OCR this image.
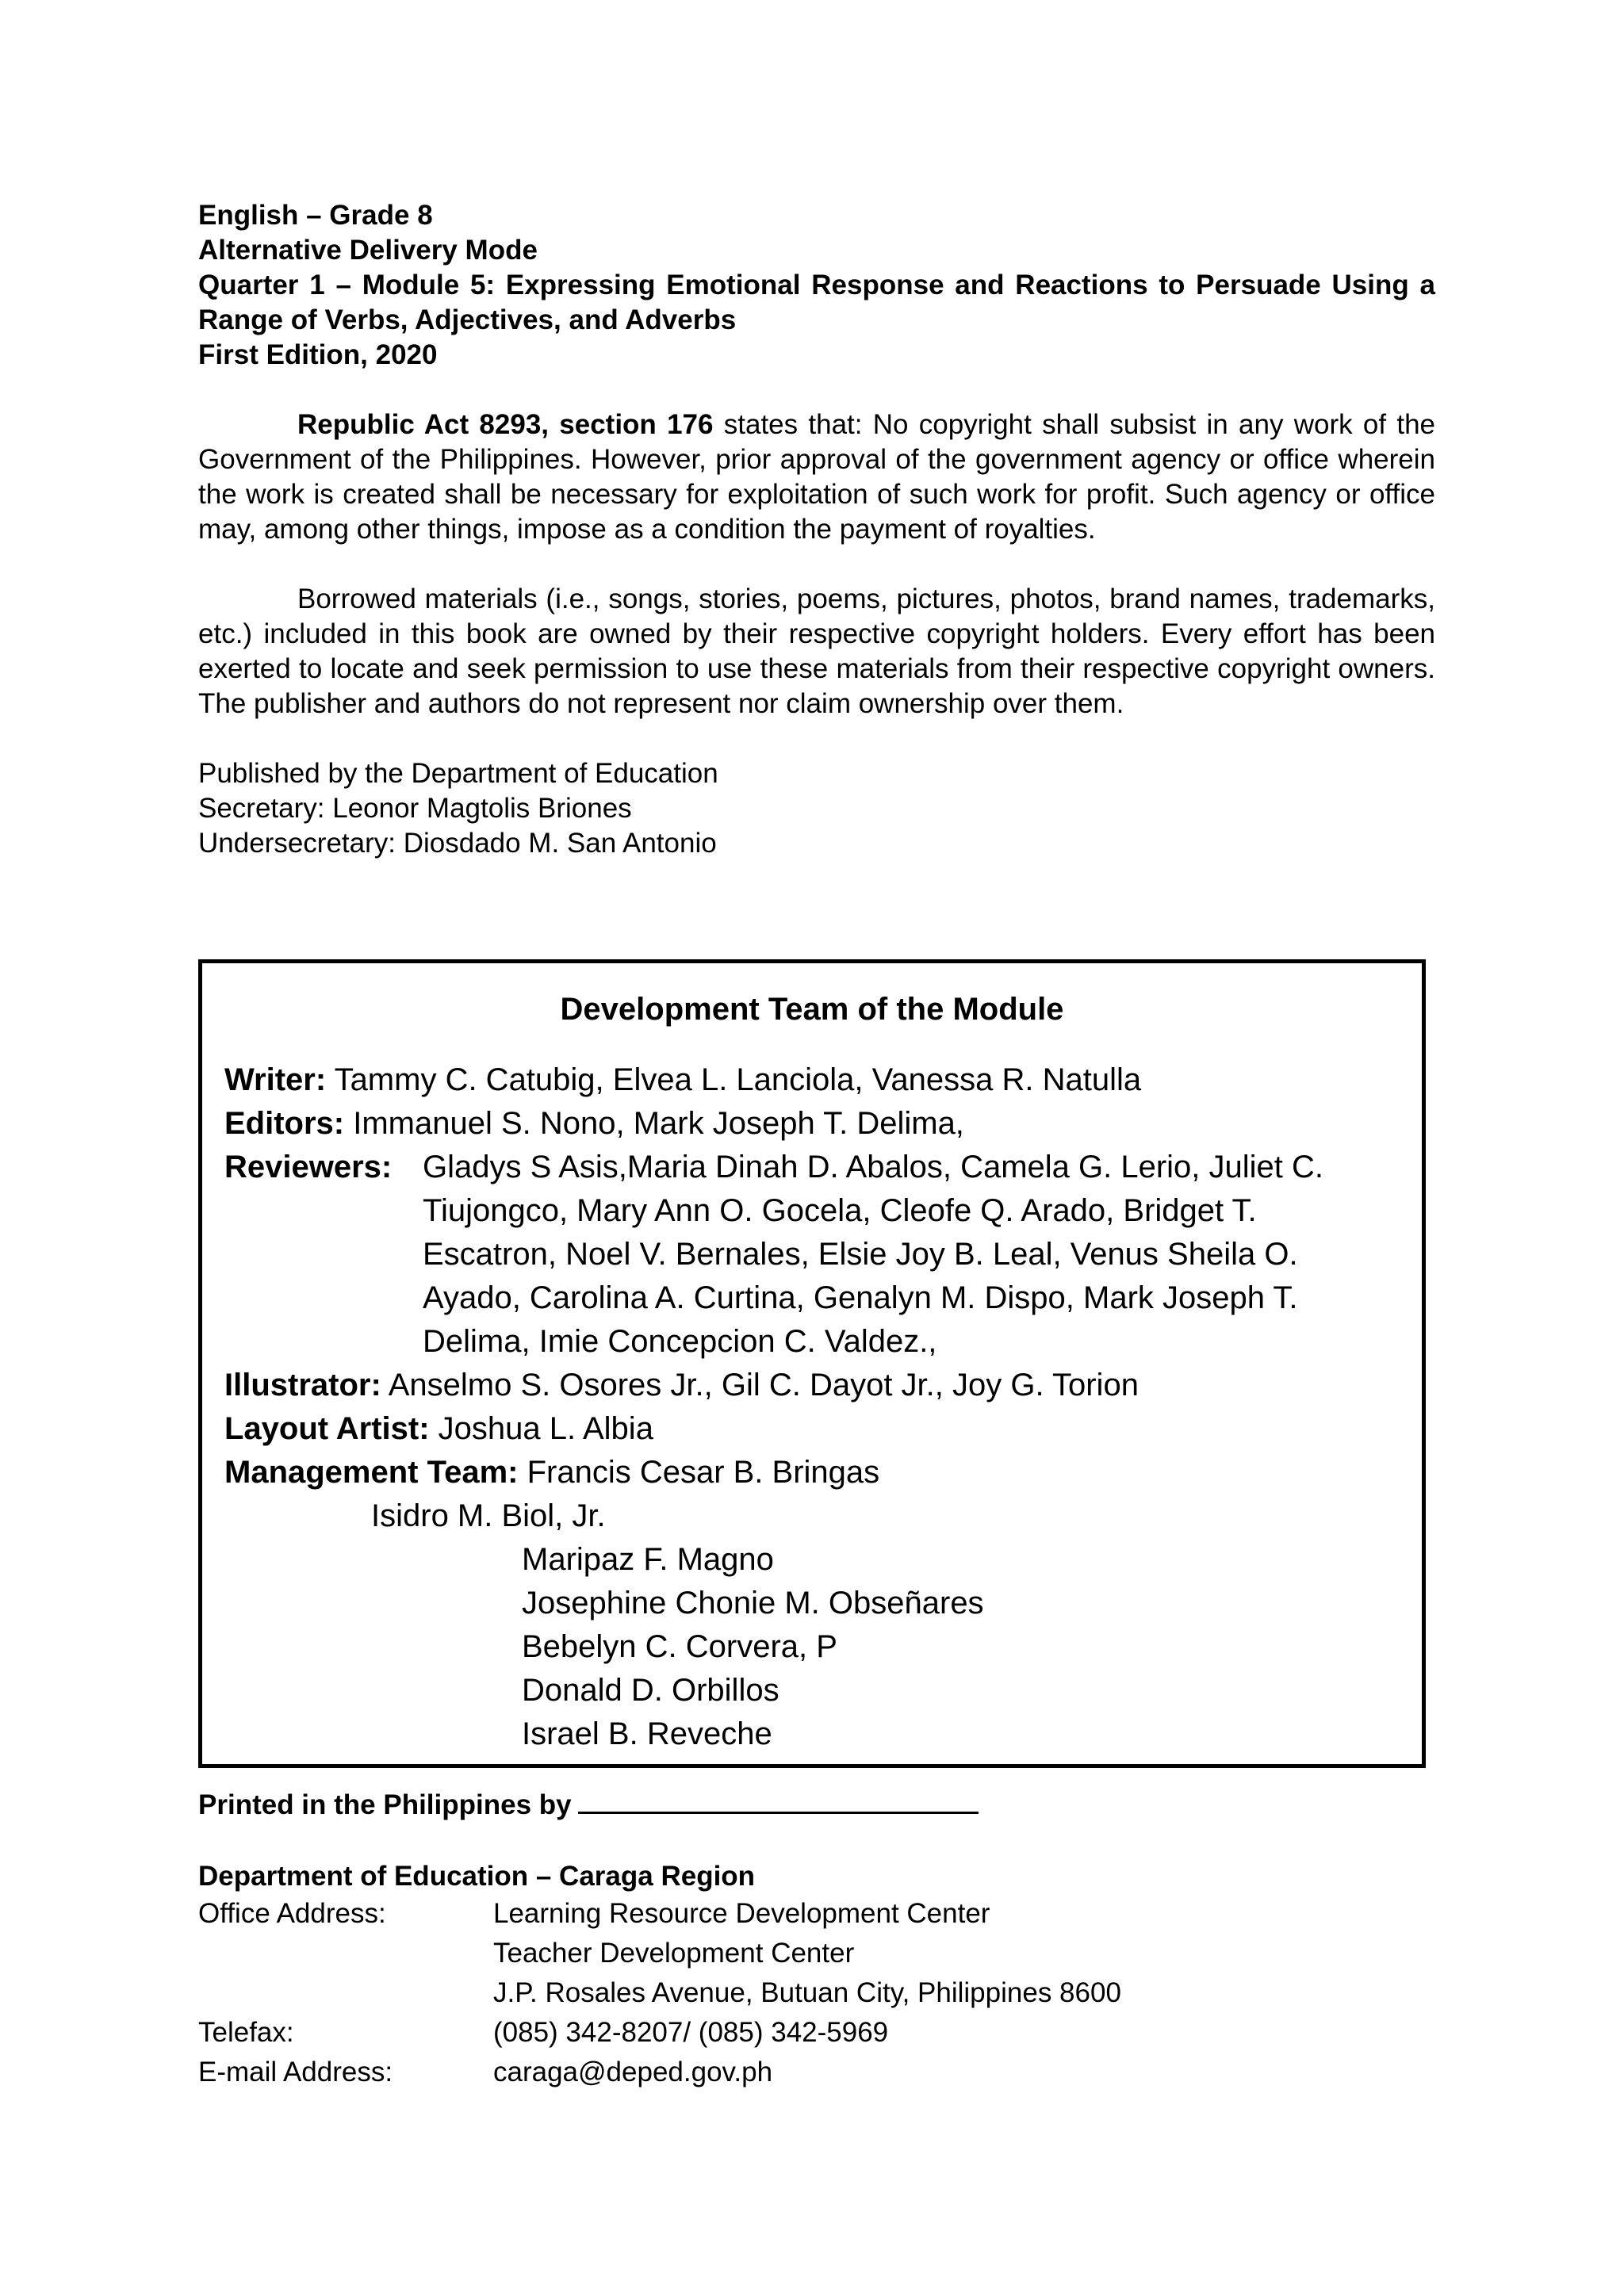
English – Grade 8
Alternative Delivery Mode
Quarter 1 – Module 5: Expressing Emotional Response and Reactions to Persuade Using a Range of Verbs, Adjectives, and Adverbs
First Edition, 2020

Republic Act 8293, section 176 states that: No copyright shall subsist in any work of the Government of the Philippines. However, prior approval of the government agency or office wherein the work is created shall be necessary for exploitation of such work for profit. Such agency or office may, among other things, impose as a condition the payment of royalties.

Borrowed materials (i.e., songs, stories, poems, pictures, photos, brand names, trademarks, etc.) included in this book are owned by their respective copyright holders. Every effort has been exerted to locate and seek permission to use these materials from their respective copyright owners. The publisher and authors do not represent nor claim ownership over them.

Published by the Department of Education
Secretary: Leonor Magtolis Briones
Undersecretary: Diosdado M. San Antonio
Development Team of the Module
Writer: Tammy C. Catubig, Elvea L. Lanciola, Vanessa R. Natulla
Editors: Immanuel S. Nono, Mark Joseph T. Delima,
Reviewers: Gladys S Asis,Maria Dinah D. Abalos, Camela G. Lerio, Juliet C.
Tiujongco, Mary Ann O. Gocela, Cleofe Q. Arado, Bridget T.
Escatron, Noel V. Bernales, Elsie Joy B. Leal, Venus Sheila O.
Ayado, Carolina A. Curtina, Genalyn M. Dispo, Mark Joseph T.
Delima, Imie Concepcion C. Valdez.,
Illustrator: Anselmo S. Osores Jr., Gil C. Dayot Jr., Joy G. Torion
Layout Artist: Joshua L. Albia
Management Team: Francis Cesar B. Bringas
Isidro M. Biol, Jr.
Maripaz F. Magno
Josephine Chonie M. Obseñares
Bebelyn C. Corvera, P
Donald D. Orbillos
Israel B. Reveche
Printed in the Philippines by
Department of Education – Caraga Region
Office Address:	Learning Resource Development Center
Teacher Development Center
J.P. Rosales Avenue, Butuan City, Philippines 8600
Telefax:	(085) 342-8207/ (085) 342-5969
E-mail Address:	caraga@deped.gov.ph
